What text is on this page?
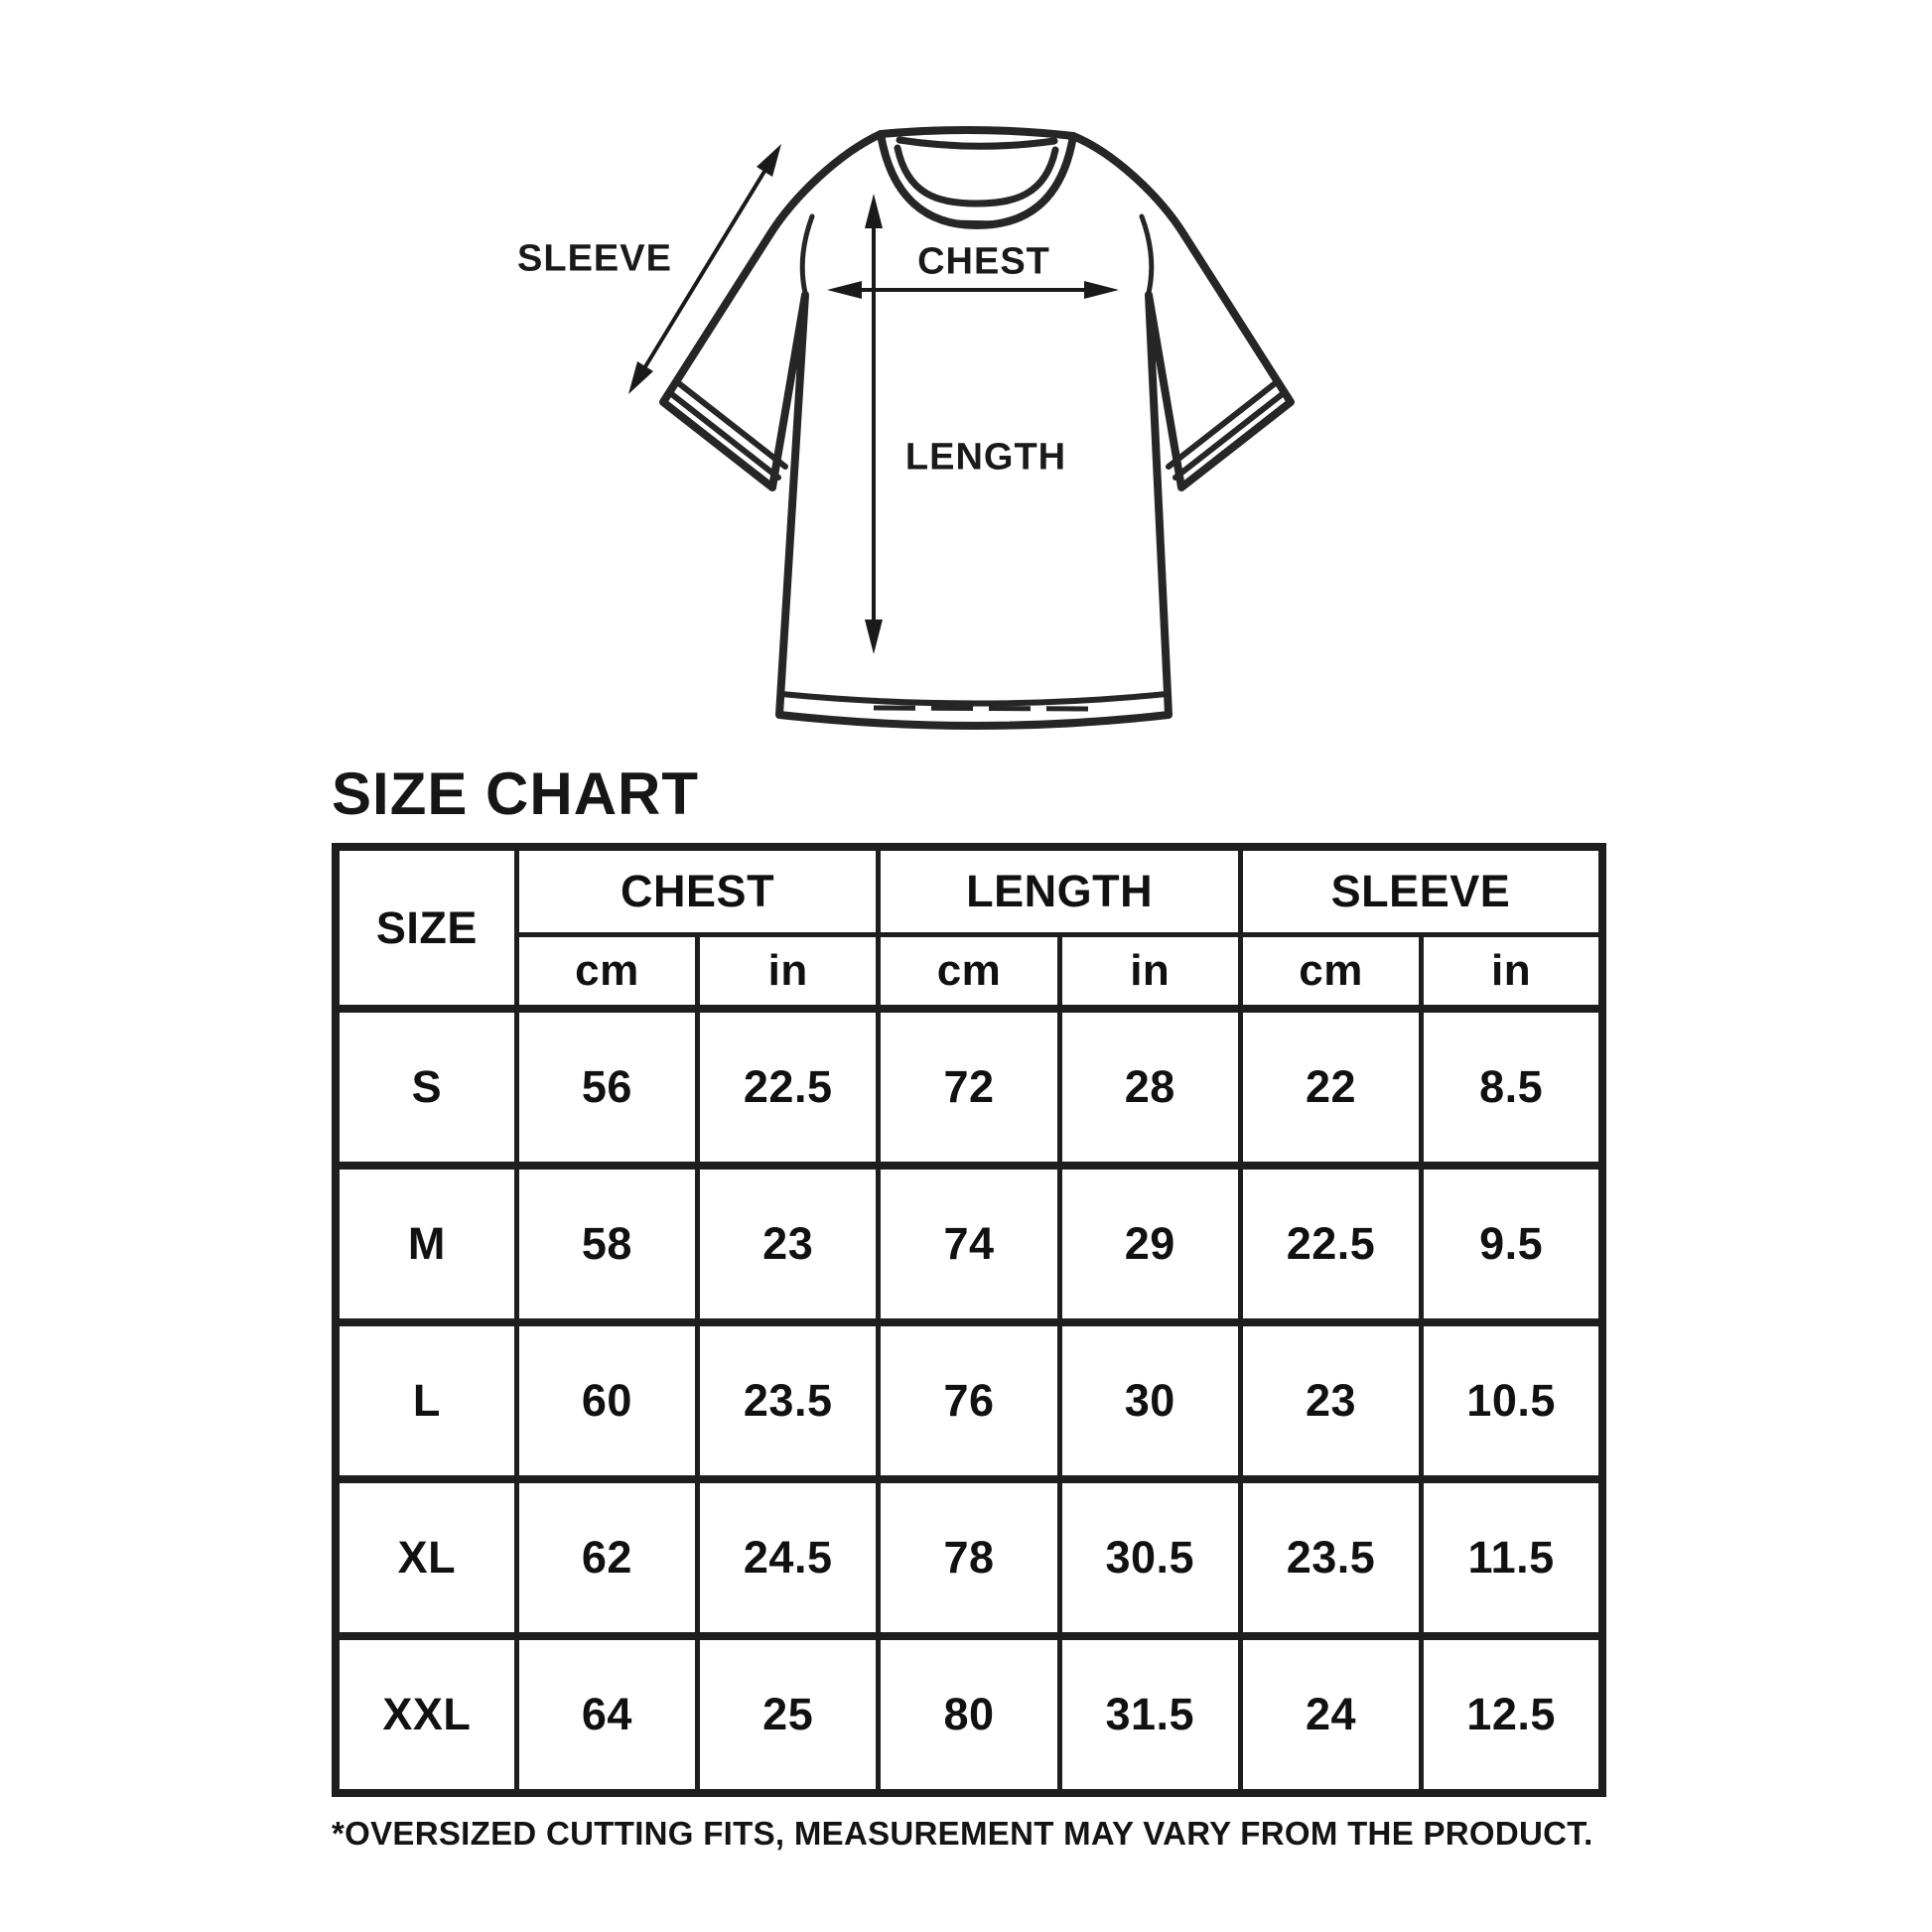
SLEEVE	CHEST
LENGTH
SIZE CHART
SIZE	CHEST		LENGTH		SLEEVE	
	cm	in	cm	in	cm	in
S	56	22.5	72	28	22	8.5
M	58	23	74	29	22.5	9.5
L	60	23.5	76	30	23	10.5
XL	62	24.5	78	30.5	23.5	11.5
XXL	64	25	80	31.5	24	12.5
*OVERSIZED CUTTING FITS, MEASUREMENT MAY VARY FROM THE PRODUCT.
